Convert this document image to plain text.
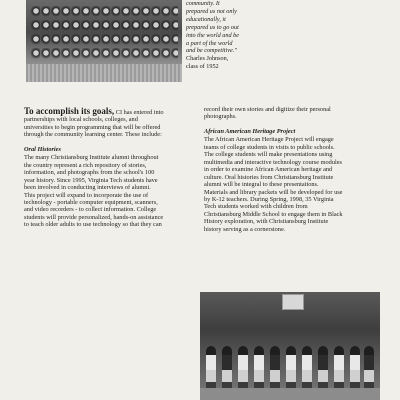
community. It
prepared us not only
educationally, it
prepared us to go out
into the world and be
a part of the world
and be competitive."
Charles Johnson,
class of 1952
To accomplish its goals, CI has entered into
partnerships with local schools, colleges, and
universities to begin programming that will be offered
through the community learning center. These include:
Oral Histories
The many Christiansburg Institute alumni throughout
the country represent a rich repository of stories,
information, and photographs from the school's 100
year history. Since 1995, Virginia Tech students have
been involved in conducting interviews of alumni.
This project will expand to incorporate the use of
technology - portable computer equipment, scanners,
and video recorders - to collect information. College
students will provide personalized, hands-on assistance
to teach older adults to use technology so that they can
record their own stories and digitize their personal
photographs.
African American Heritage Project
The African American Heritage Project will engage
teams of college students in visits to public schools.
The college students will make presentations using
multimedia and interactive technology course modules
in order to examine African American heritage and
culture. Oral histories from Christiansburg Institute
alumni will be integral to these presentations.
Materials and library packets will be developed for use
by K-12 teachers. During Spring, 1998, 35 Virginia
Tech students worked with children from
Christiansburg Middle School to engage them in Black
History exploration, with Christiansburg Institute
history serving as a cornerstone.
